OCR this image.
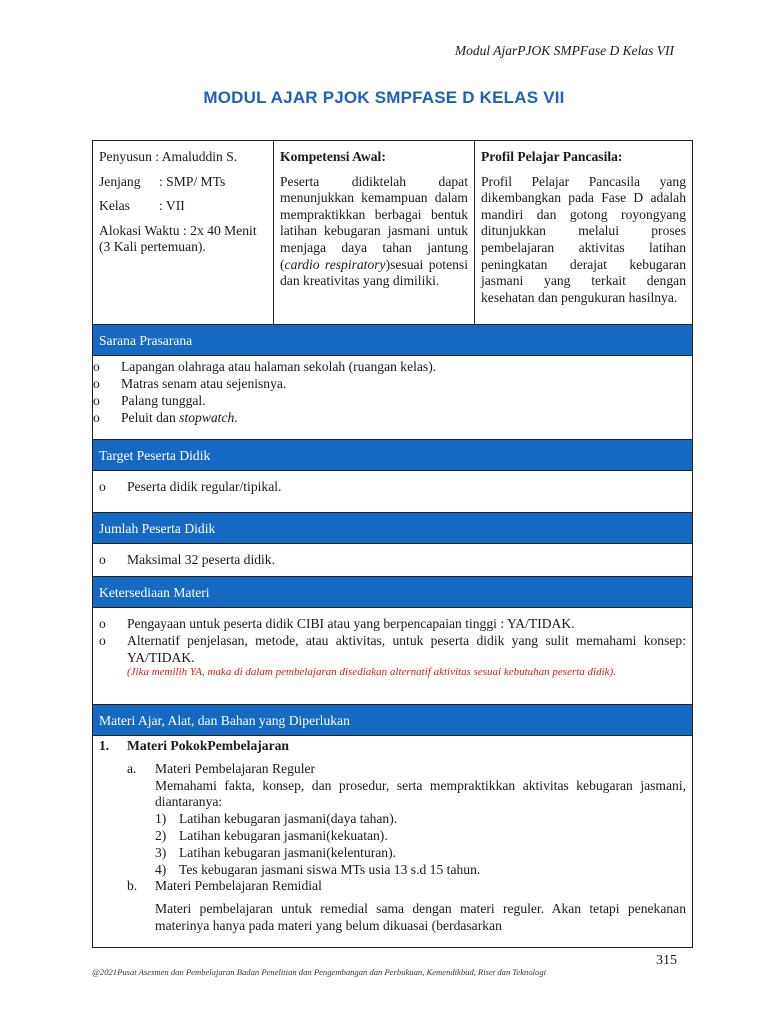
Modul AjarPJOK SMPFase D Kelas VII
MODUL AJAR PJOK SMPFASE D KELAS VII

Penyusun : Amaluddin S.

Jenjang : SMP/ MTs

Kelas : VII

Alokasi Waktu : 2x 40 Menit (3 Kali pertemuan).

Kompetensi Awal:

Peserta didiktelah dapat menunjukkan kemampuan dalam mempraktikkan berbagai bentuk latihan kebugaran jasmani untuk menjaga daya tahan jantung (cardio respiratory)sesuai potensi dan kreativitas yang dimiliki.

Profil Pelajar Pancasila:

Profil Pelajar Pancasila yang dikembangkan pada Fase D adalah mandiri dan gotong royongyang ditunjukkan melalui proses pembelajaran aktivitas latihan peningkatan derajat kebugaran jasmani yang terkait dengan kesehatan dan pengukuran hasilnya.

Sarana Prasarana
o Lapangan olahraga atau halaman sekolah (ruangan kelas).
o Matras senam atau sejenisnya.
o Palang tunggal.
o Peluit dan stopwatch.
Target Peserta Didik
o Peserta didik regular/tipikal.
Jumlah Peserta Didik
o Maksimal 32 peserta didik.
Ketersediaan Materi
o Pengayaan untuk peserta didik CIBI atau yang berpencapaian tinggi : YA/TIDAK.
o Alternatif penjelasan, metode, atau aktivitas, untuk peserta didik yang sulit memahami konsep: YA/TIDAK.
(Jika memilih YA, maka di dalam pembelajaran disediakan alternatif aktivitas sesuai kebutuhan peserta didik).
Materi Ajar, Alat, dan Bahan yang Diperlukan
1. Materi PokokPembelajaran
a. Materi Pembelajaran Reguler
Memahami fakta, konsep, dan prosedur, serta mempraktikkan aktivitas kebugaran jasmani, diantaranya:
1) Latihan kebugaran jasmani(daya tahan).
2) Latihan kebugaran jasmani(kekuatan).
3) Latihan kebugaran jasmani(kelenturan).
4) Tes kebugaran jasmani siswa MTs usia 13 s.d 15 tahun.
b. Materi Pembelajaran Remidial
Materi pembelajaran untuk remedial sama dengan materi reguler. Akan tetapi penekanan materinya hanya pada materi yang belum dikuasai (berdasarkan
315
@2021Pusat Asesmen dan Pembelajaran Badan Penelitian dan Pengembangan dan Perbukuan, Kemendikbud, Riset dan Teknologi
